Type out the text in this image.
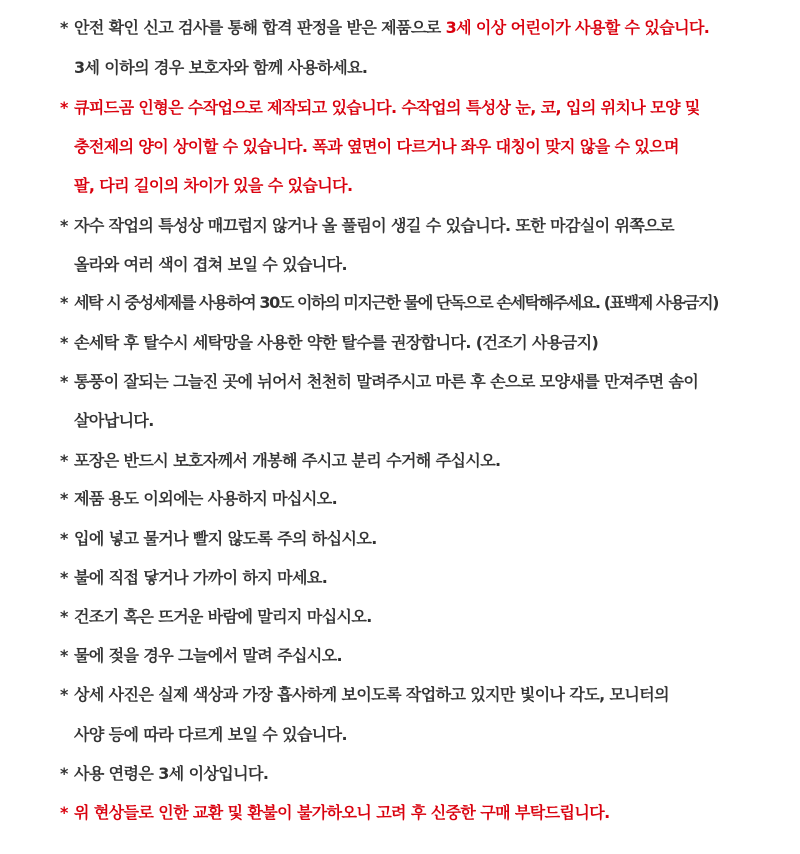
* 안전 확인 신고 검사를 통해 합격 판정을 받은 제품으로 3세 이상 어린이가 사용할 수 있습니다.
3세 이하의 경우 보호자와 함께 사용하세요.
* 큐피드곰 인형은 수작업으로 제작되고 있습니다. 수작업의 특성상 눈, 코, 입의 위치나 모양 및
충전제의 양이 상이할 수 있습니다. 폭과 옆면이 다르거나 좌우 대칭이 맞지 않을 수 있으며
팔, 다리 길이의 차이가 있을 수 있습니다.
* 자수 작업의 특성상 매끄럽지 않거나 올 풀림이 생길 수 있습니다. 또한 마감실이 위쪽으로
올라와 여러 색이 겹쳐 보일 수 있습니다.
* 세탁 시 중성세제를 사용하여 30도 이하의 미지근한 물에 단독으로 손세탁해주세요. (표백제 사용금지)
* 손세탁 후 탈수시 세탁망을 사용한 약한 탈수를 권장합니다. (건조기 사용금지)
* 통풍이 잘되는 그늘진 곳에 뉘어서 천천히 말려주시고 마른 후 손으로 모양새를 만져주면 솜이
살아납니다.
* 포장은 반드시 보호자께서 개봉해 주시고 분리 수거해 주십시오.
* 제품 용도 이외에는 사용하지 마십시오.
* 입에 넣고 물거나 빨지 않도록 주의 하십시오.
* 불에 직접 닿거나 가까이 하지 마세요.
* 건조기 혹은 뜨거운 바람에 말리지 마십시오.
* 물에 젖을 경우 그늘에서 말려 주십시오.
* 상세 사진은 실제 색상과 가장 흡사하게 보이도록 작업하고 있지만 빛이나 각도, 모니터의
사양 등에 따라 다르게 보일 수 있습니다.
* 사용 연령은 3세 이상입니다.
* 위 현상들로 인한 교환 및 환불이 불가하오니 고려 후 신중한 구매 부탁드립니다.
